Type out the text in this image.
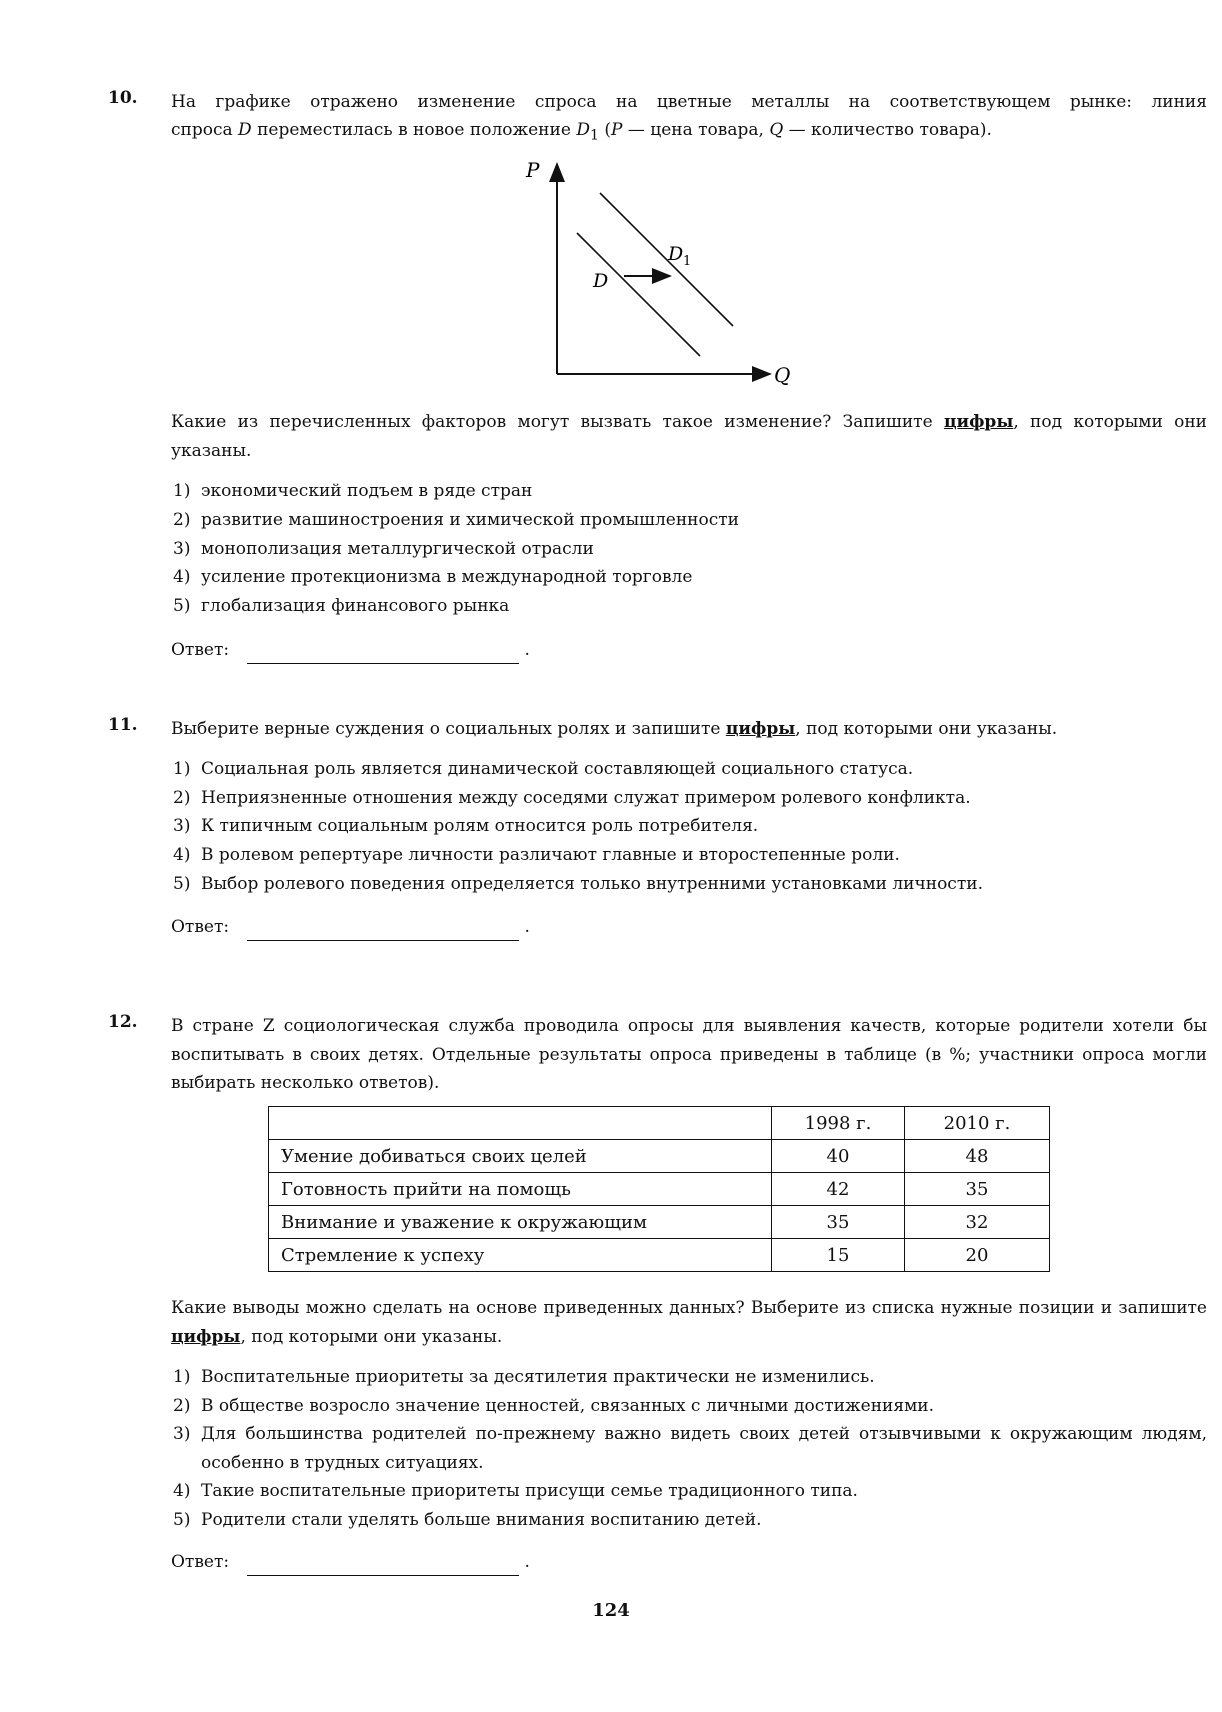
10. На графике отражено изменение спроса на цветные металлы на соответствующем рынке: линия
спроса D переместилась в новое положение $D_1$ (P — цена товара, Q — количество товара).
P
Q
D
D 1
Какие из перечисленных факторов могут вызвать такое изменение? Запишите цифры, под которыми они указаны.
1) экономический подъем в ряде стран
2) развитие машиностроения и химической промышленности
3) монополизация металлургической отрасли
4) усиление протекционизма в международной торговле
5) глобализация финансового рынка
Ответ:	.
11. Выберите верные суждения о социальных ролях и запишите цифры, под которыми они указаны.
1) Социальная роль является динамической составляющей социального статуса.
2) Неприязненные отношения между соседями служат примером ролевого конфликта.
3) К типичным социальным ролям относится роль потребителя.
4) В ролевом репертуаре личности различают главные и второстепенные роли.
5) Выбор ролевого поведения определяется только внутренними установками личности.
Ответ:	.
12. В стране Z социологическая служба проводила опросы для выявления качеств, которые родители хотели бы воспитывать в своих детях. Отдельные результаты опроса приведены в таблице (в %; участники опроса могли выбирать несколько ответов).
	1998 г.	2010 г.
Умение добиваться своих целей	40	48
Готовность прийти на помощь	42	35
Внимание и уважение к окружающим	35	32
Стремление к успеху	15	20
Какие выводы можно сделать на основе приведенных данных? Выберите из списка нужные позиции и запишите цифры, под которыми они указаны.
1) Воспитательные приоритеты за десятилетия практически не изменились.
2) В обществе возросло значение ценностей, связанных с личными достижениями.
3) Для большинства родителей по-прежнему важно видеть своих детей отзывчивыми к окружающим людям, особенно в трудных ситуациях.
4) Такие воспитательные приоритеты присущи семье традиционного типа.
5) Родители стали уделять больше внимания воспитанию детей.
Ответ:	.
124
